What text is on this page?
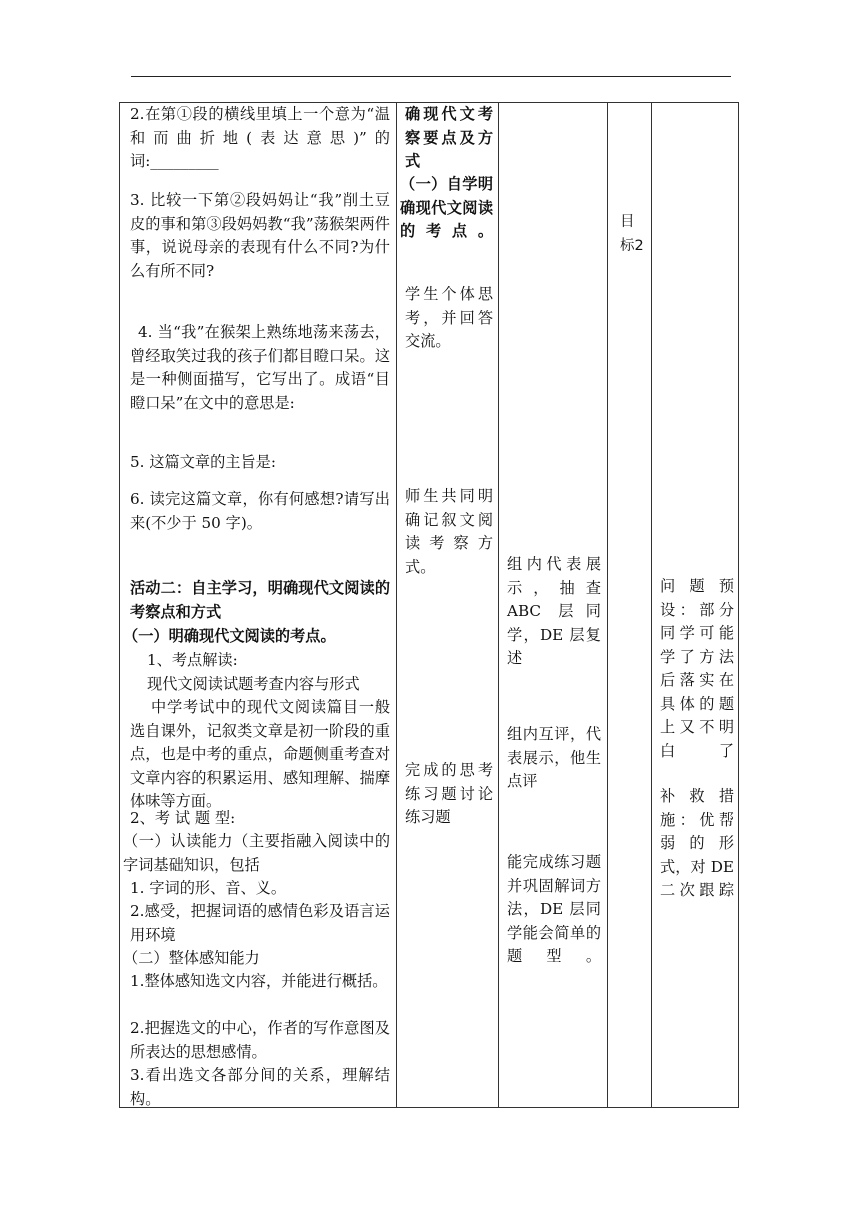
2.在第①段的横线里填上一个意为“温和而曲折地(表达意思)”的词:_________

3. 比较一下第②段妈妈让“我”削土豆皮的事和第③段妈妈教“我”荡猴架两件事，说说母亲的表现有什么不同?为什么有所不同?

4. 当“我”在猴架上熟练地荡来荡去，曾经取笑过我的孩子们都目瞪口呆。这是一种侧面描写，它写出了。成语“目瞪口呆”在文中的意思是:

5. 这篇文章的主旨是:

6. 读完这篇文章，你有何感想?请写出来(不少于 50 字)。

活动二：自主学习，明确现代文阅读的考察点和方式

（一）明确现代文阅读的考点。

1、考点解读:

现代文阅读试题考查内容与形式

中学考试中的现代文阅读篇目一般选自课外，记叙类文章是初一阶段的重点，也是中考的重点，命题侧重考查对文章内容的积累运用、感知理解、揣摩体味等方面。

2、考 试 题 型:

（一）认读能力（主要指融入阅读中的字词基础知识，包括

1. 字词的形、音、义。

2.感受，把握词语的感情色彩及语言运用环境

（二）整体感知能力

1.整体感知选文内容，并能进行概括。

2.把握选文的中心，作者的写作意图及所表达的思想感情。

3.看出选文各部分间的关系，理解结构。

确现代文考察要点及方式

（一）自学明确现代文阅读的考点。

学生个体思考，并回答交流。

师生共同明确记叙文阅读考察方式。

完成的思考练习题讨论练习题

组内代表展示，抽查ABC 层同学，DE 层复述

组内互评，代表展示，他生点评

能完成练习题并巩固解词方法，DE 层同学能会简单的题型。

目标2

问题预设：部分同学可能学了方法后落实在具体的题上又不明白了

补救措施：优帮弱的形式，对 DE 二次跟踪
